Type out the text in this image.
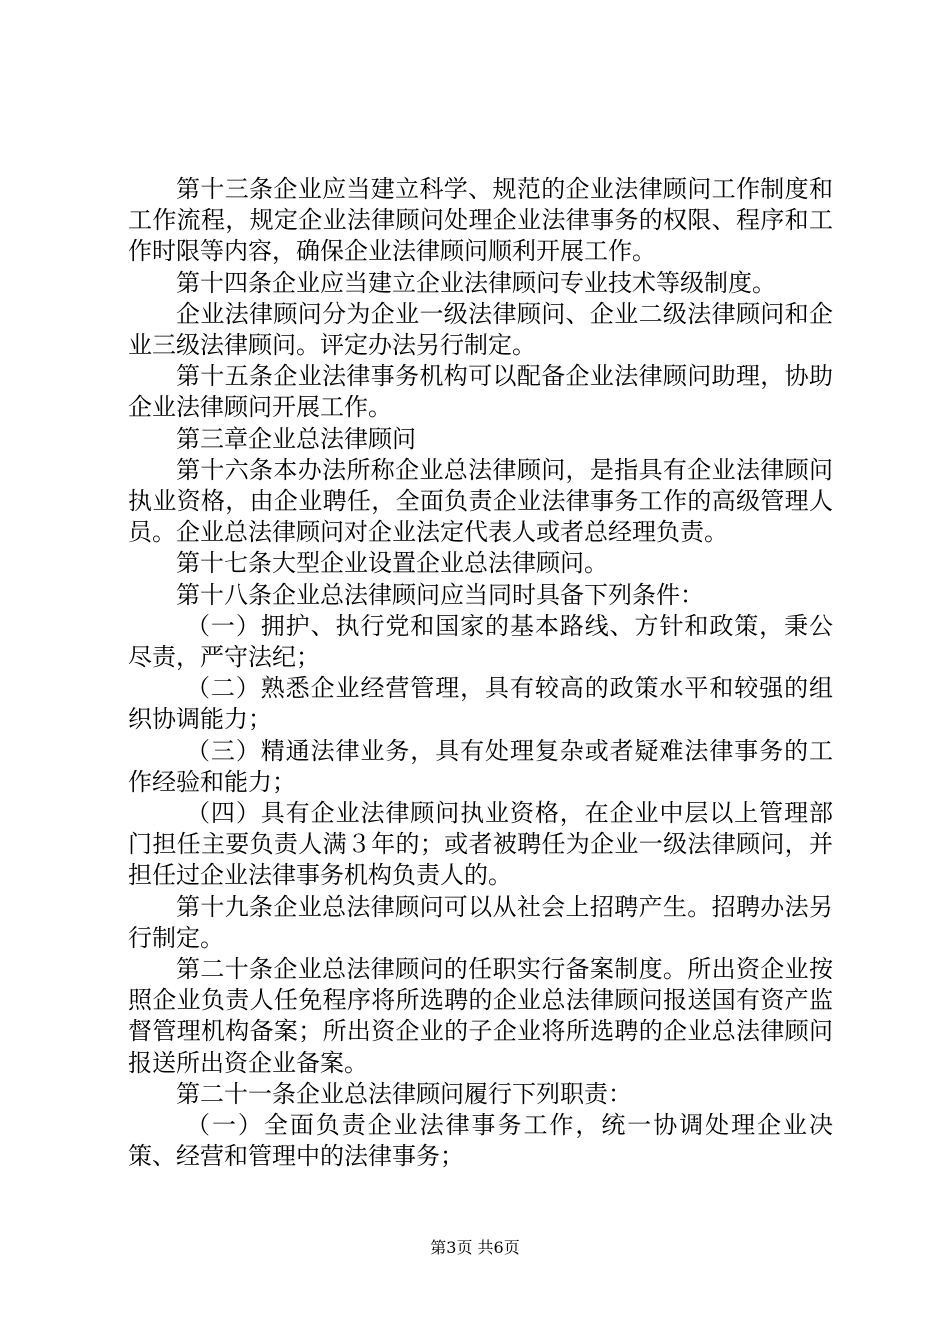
第十三条企业应当建立科学、规范的企业法律顾问工作制度和工作流程，规定企业法律顾问处理企业法律事务的权限、程序和工作时限等内容，确保企业法律顾问顺利开展工作。

第十四条企业应当建立企业法律顾问专业技术等级制度。

企业法律顾问分为企业一级法律顾问、企业二级法律顾问和企业三级法律顾问。评定办法另行制定。

第十五条企业法律事务机构可以配备企业法律顾问助理，协助企业法律顾问开展工作。

第三章企业总法律顾问

第十六条本办法所称企业总法律顾问，是指具有企业法律顾问执业资格，由企业聘任，全面负责企业法律事务工作的高级管理人员。企业总法律顾问对企业法定代表人或者总经理负责。

第十七条大型企业设置企业总法律顾问。

第十八条企业总法律顾问应当同时具备下列条件：

（一）拥护、执行党和国家的基本路线、方针和政策，秉公尽责，严守法纪；

（二）熟悉企业经营管理，具有较高的政策水平和较强的组织协调能力；

（三）精通法律业务，具有处理复杂或者疑难法律事务的工作经验和能力；

（四）具有企业法律顾问执业资格，在企业中层以上管理部门担任主要负责人满３年的；或者被聘任为企业一级法律顾问，并担任过企业法律事务机构负责人的。

第十九条企业总法律顾问可以从社会上招聘产生。招聘办法另行制定。

第二十条企业总法律顾问的任职实行备案制度。所出资企业按照企业负责人任免程序将所选聘的企业总法律顾问报送国有资产监督管理机构备案；所出资企业的子企业将所选聘的企业总法律顾问报送所出资企业备案。

第二十一条企业总法律顾问履行下列职责：

（一）全面负责企业法律事务工作，统一协调处理企业决策、经营和管理中的法律事务；

第3页 共6页
